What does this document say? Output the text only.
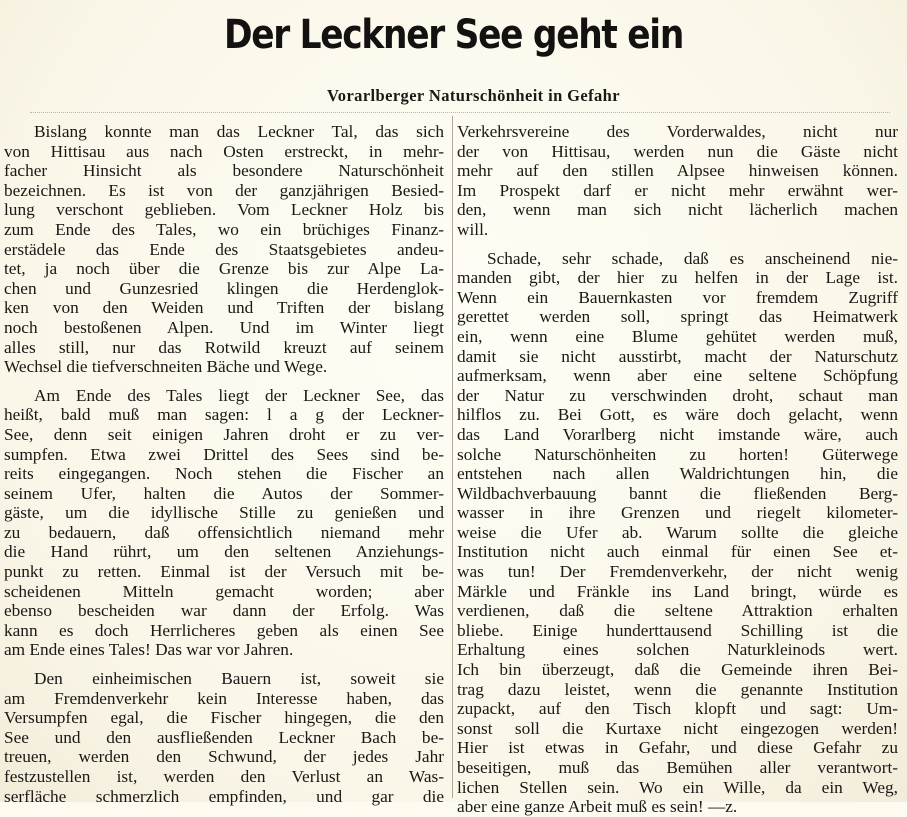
Der Leckner See geht ein
Vorarlberger Naturschönheit in Gefahr
Bislang konnte man das Leckner Tal, das sich
von Hittisau aus nach Osten erstreckt, in mehr-
facher Hinsicht als besondere Naturschönheit
bezeichnen. Es ist von der ganzjährigen Besied-
lung verschont geblieben. Vom Leckner Holz bis
zum Ende des Tales, wo ein brüchiges Finanz-
erstädele das Ende des Staatsgebietes andeu-
tet, ja noch über die Grenze bis zur Alpe La-
chen und Gunzesried klingen die Herdenglok-
ken von den Weiden und Triften der bislang
noch bestoßenen Alpen. Und im Winter liegt
alles still, nur das Rotwild kreuzt auf seinem
Wechsel die tiefverschneiten Bäche und Wege.
Am Ende des Tales liegt der Leckner See, das
heißt, bald muß man sagen: l a g der Leckner-
See, denn seit einigen Jahren droht er zu ver-
sumpfen. Etwa zwei Drittel des Sees sind be-
reits eingegangen. Noch stehen die Fischer an
seinem Ufer, halten die Autos der Sommer-
gäste, um die idyllische Stille zu genießen und
zu bedauern, daß offensichtlich niemand mehr
die Hand rührt, um den seltenen Anziehungs-
punkt zu retten. Einmal ist der Versuch mit be-
scheidenen Mitteln gemacht worden; aber
ebenso bescheiden war dann der Erfolg. Was
kann es doch Herrlicheres geben als einen See
am Ende eines Tales! Das war vor Jahren.
Den einheimischen Bauern ist, soweit sie
am Fremdenverkehr kein Interesse haben, das
Versumpfen egal, die Fischer hingegen, die den
See und den ausfließenden Leckner Bach be-
treuen, werden den Schwund, der jedes Jahr
festzustellen ist, werden den Verlust an Was-
serfläche schmerzlich empfinden, und gar die
Verkehrsvereine des Vorderwaldes, nicht nur
der von Hittisau, werden nun die Gäste nicht
mehr auf den stillen Alpsee hinweisen können.
Im Prospekt darf er nicht mehr erwähnt wer-
den, wenn man sich nicht lächerlich machen
will.
Schade, sehr schade, daß es anscheinend nie-
manden gibt, der hier zu helfen in der Lage ist.
Wenn ein Bauernkasten vor fremdem Zugriff
gerettet werden soll, springt das Heimatwerk
ein, wenn eine Blume gehütet werden muß,
damit sie nicht ausstirbt, macht der Naturschutz
aufmerksam, wenn aber eine seltene Schöpfung
der Natur zu verschwinden droht, schaut man
hilflos zu. Bei Gott, es wäre doch gelacht, wenn
das Land Vorarlberg nicht imstande wäre, auch
solche Naturschönheiten zu horten! Güterwege
entstehen nach allen Waldrichtungen hin, die
Wildbachverbauung bannt die fließenden Berg-
wasser in ihre Grenzen und riegelt kilometer-
weise die Ufer ab. Warum sollte die gleiche
Institution nicht auch einmal für einen See et-
was tun! Der Fremdenverkehr, der nicht wenig
Märkle und Fränkle ins Land bringt, würde es
verdienen, daß die seltene Attraktion erhalten
bliebe. Einige hunderttausend Schilling ist die
Erhaltung eines solchen Naturkleinods wert.
Ich bin überzeugt, daß die Gemeinde ihren Bei-
trag dazu leistet, wenn die genannte Institution
zupackt, auf den Tisch klopft und sagt: Um-
sonst soll die Kurtaxe nicht eingezogen werden!
Hier ist etwas in Gefahr, und diese Gefahr zu
beseitigen, muß das Bemühen aller verantwort-
lichen Stellen sein. Wo ein Wille, da ein Weg,
aber eine ganze Arbeit muß es sein! —z.
